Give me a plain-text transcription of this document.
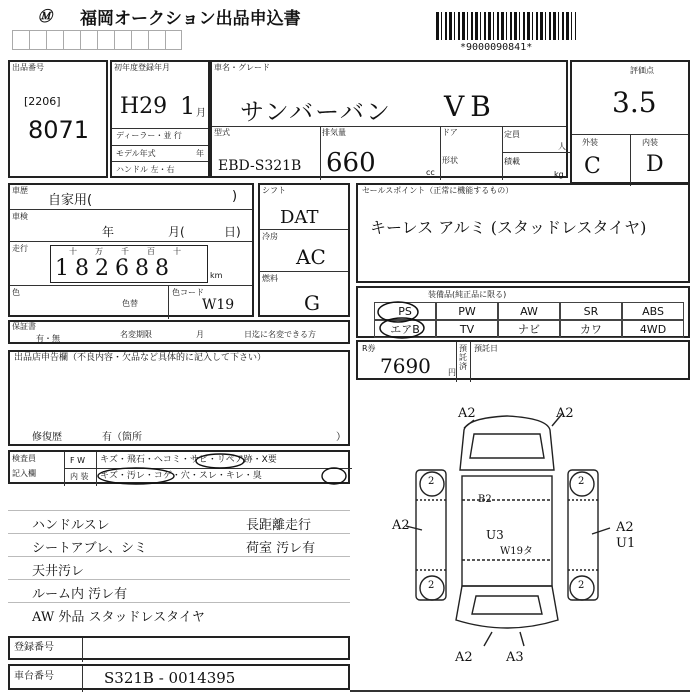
Ⓜ 福岡オークション出品申込書
*9000090841*
出品番号
[2206]
8071
初年度登録年月
H29 1 月
ディーラー・並 行
モデル年式	年
ハンドル 左・右
車名・グレード
サンバーバン VB
型式
EBD-S321B
排気量
660	cc
ドア
形状
定員
人
積載
kg
評価点
3.5
外装	内装
C D
車歴
自家用(	)
車検
年	月(	日)
走行	十 万 千 百 十
182688	km
色
色替
色コード
W19
シフト
DAT
冷房
AC
燃料
G
セールスポイント（正常に機能するもの）
キーレス アルミ (スタッドレスタイヤ)
装備品(純正品に限る)
PS	PW	AW	SR	ABS
エアB	TV	ナビ	カワ	4WD
保証書
有・無	名変期限	月	日迄に名変できる方
R券
7690 円
預託済
預託日
出品店申告欄（不良内容・欠品など具体的に記入して下さい）
修復歴	有（箇所	）
検査員
記入欄
F W
内 装
キズ・飛石・ヘコミ・サビ・リペア跡・X要
キズ・汚レ・コゲ・穴・スレ・キレ・臭
ハンドルスレ
シートアブレ、シミ
天井汚レ
ルーム内 汚レ有
AW 外品 スタッドレスタイヤ
長距離走行
荷室 汚レ有
登録番号
車台番号	S321B - 0014395
A2	A2
A2	A2
U1
U3
W19タ
B2
A2	A3
2	2
2	2
